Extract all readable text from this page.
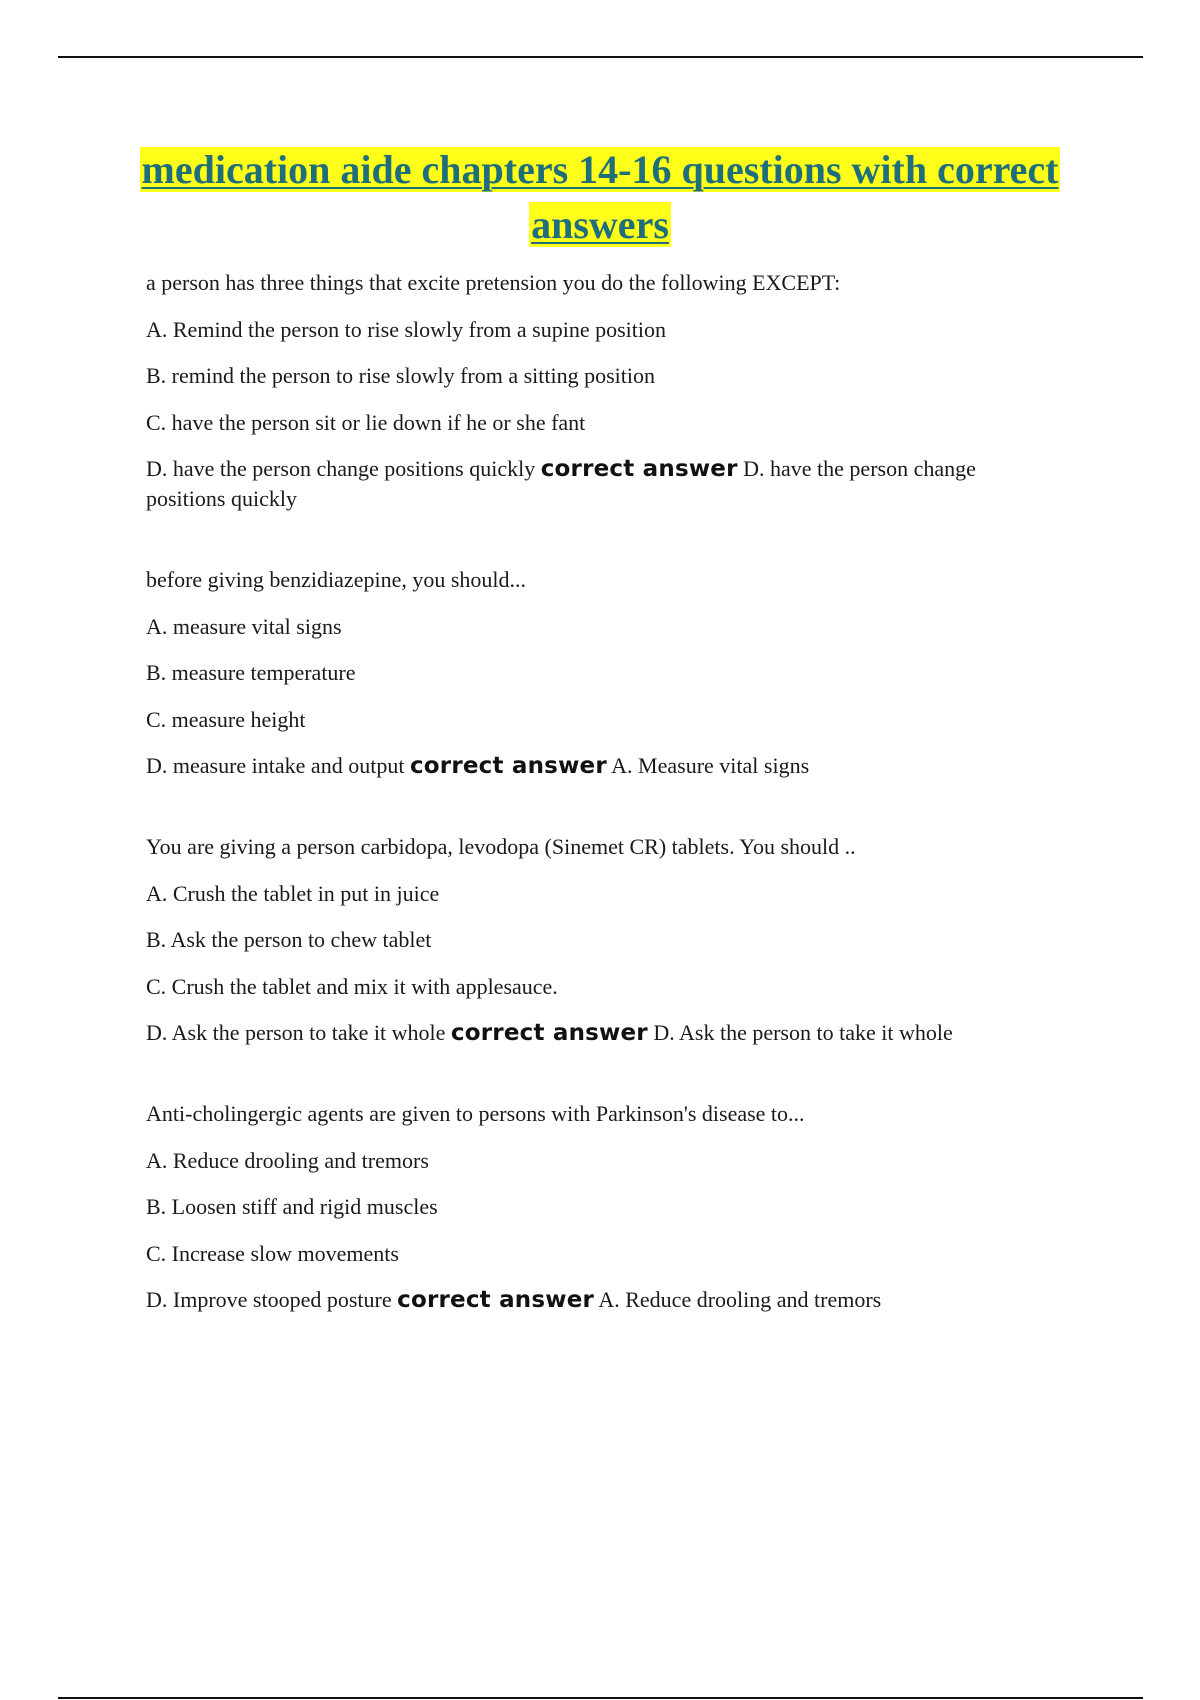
medication aide chapters 14-16 questions with correct answers

a person has three things that excite pretension you do the following EXCEPT:

A. Remind the person to rise slowly from a supine position

B. remind the person to rise slowly from a sitting position

C. have the person sit or lie down if he or she fant

D. have the person change positions quickly correct answer D. have the person change positions quickly

before giving benzidiazepine, you should...

A. measure vital signs

B. measure temperature

C. measure height

D. measure intake and output correct answer A. Measure vital signs

You are giving a person carbidopa, levodopa (Sinemet CR) tablets. You should ..

A. Crush the tablet in put in juice

B. Ask the person to chew tablet

C. Crush the tablet and mix it with applesauce.

D. Ask the person to take it whole correct answer D. Ask the person to take it whole

Anti-cholingergic agents are given to persons with Parkinson's disease to...

A. Reduce drooling and tremors

B. Loosen stiff and rigid muscles

C. Increase slow movements

D. Improve stooped posture correct answer A. Reduce drooling and tremors
